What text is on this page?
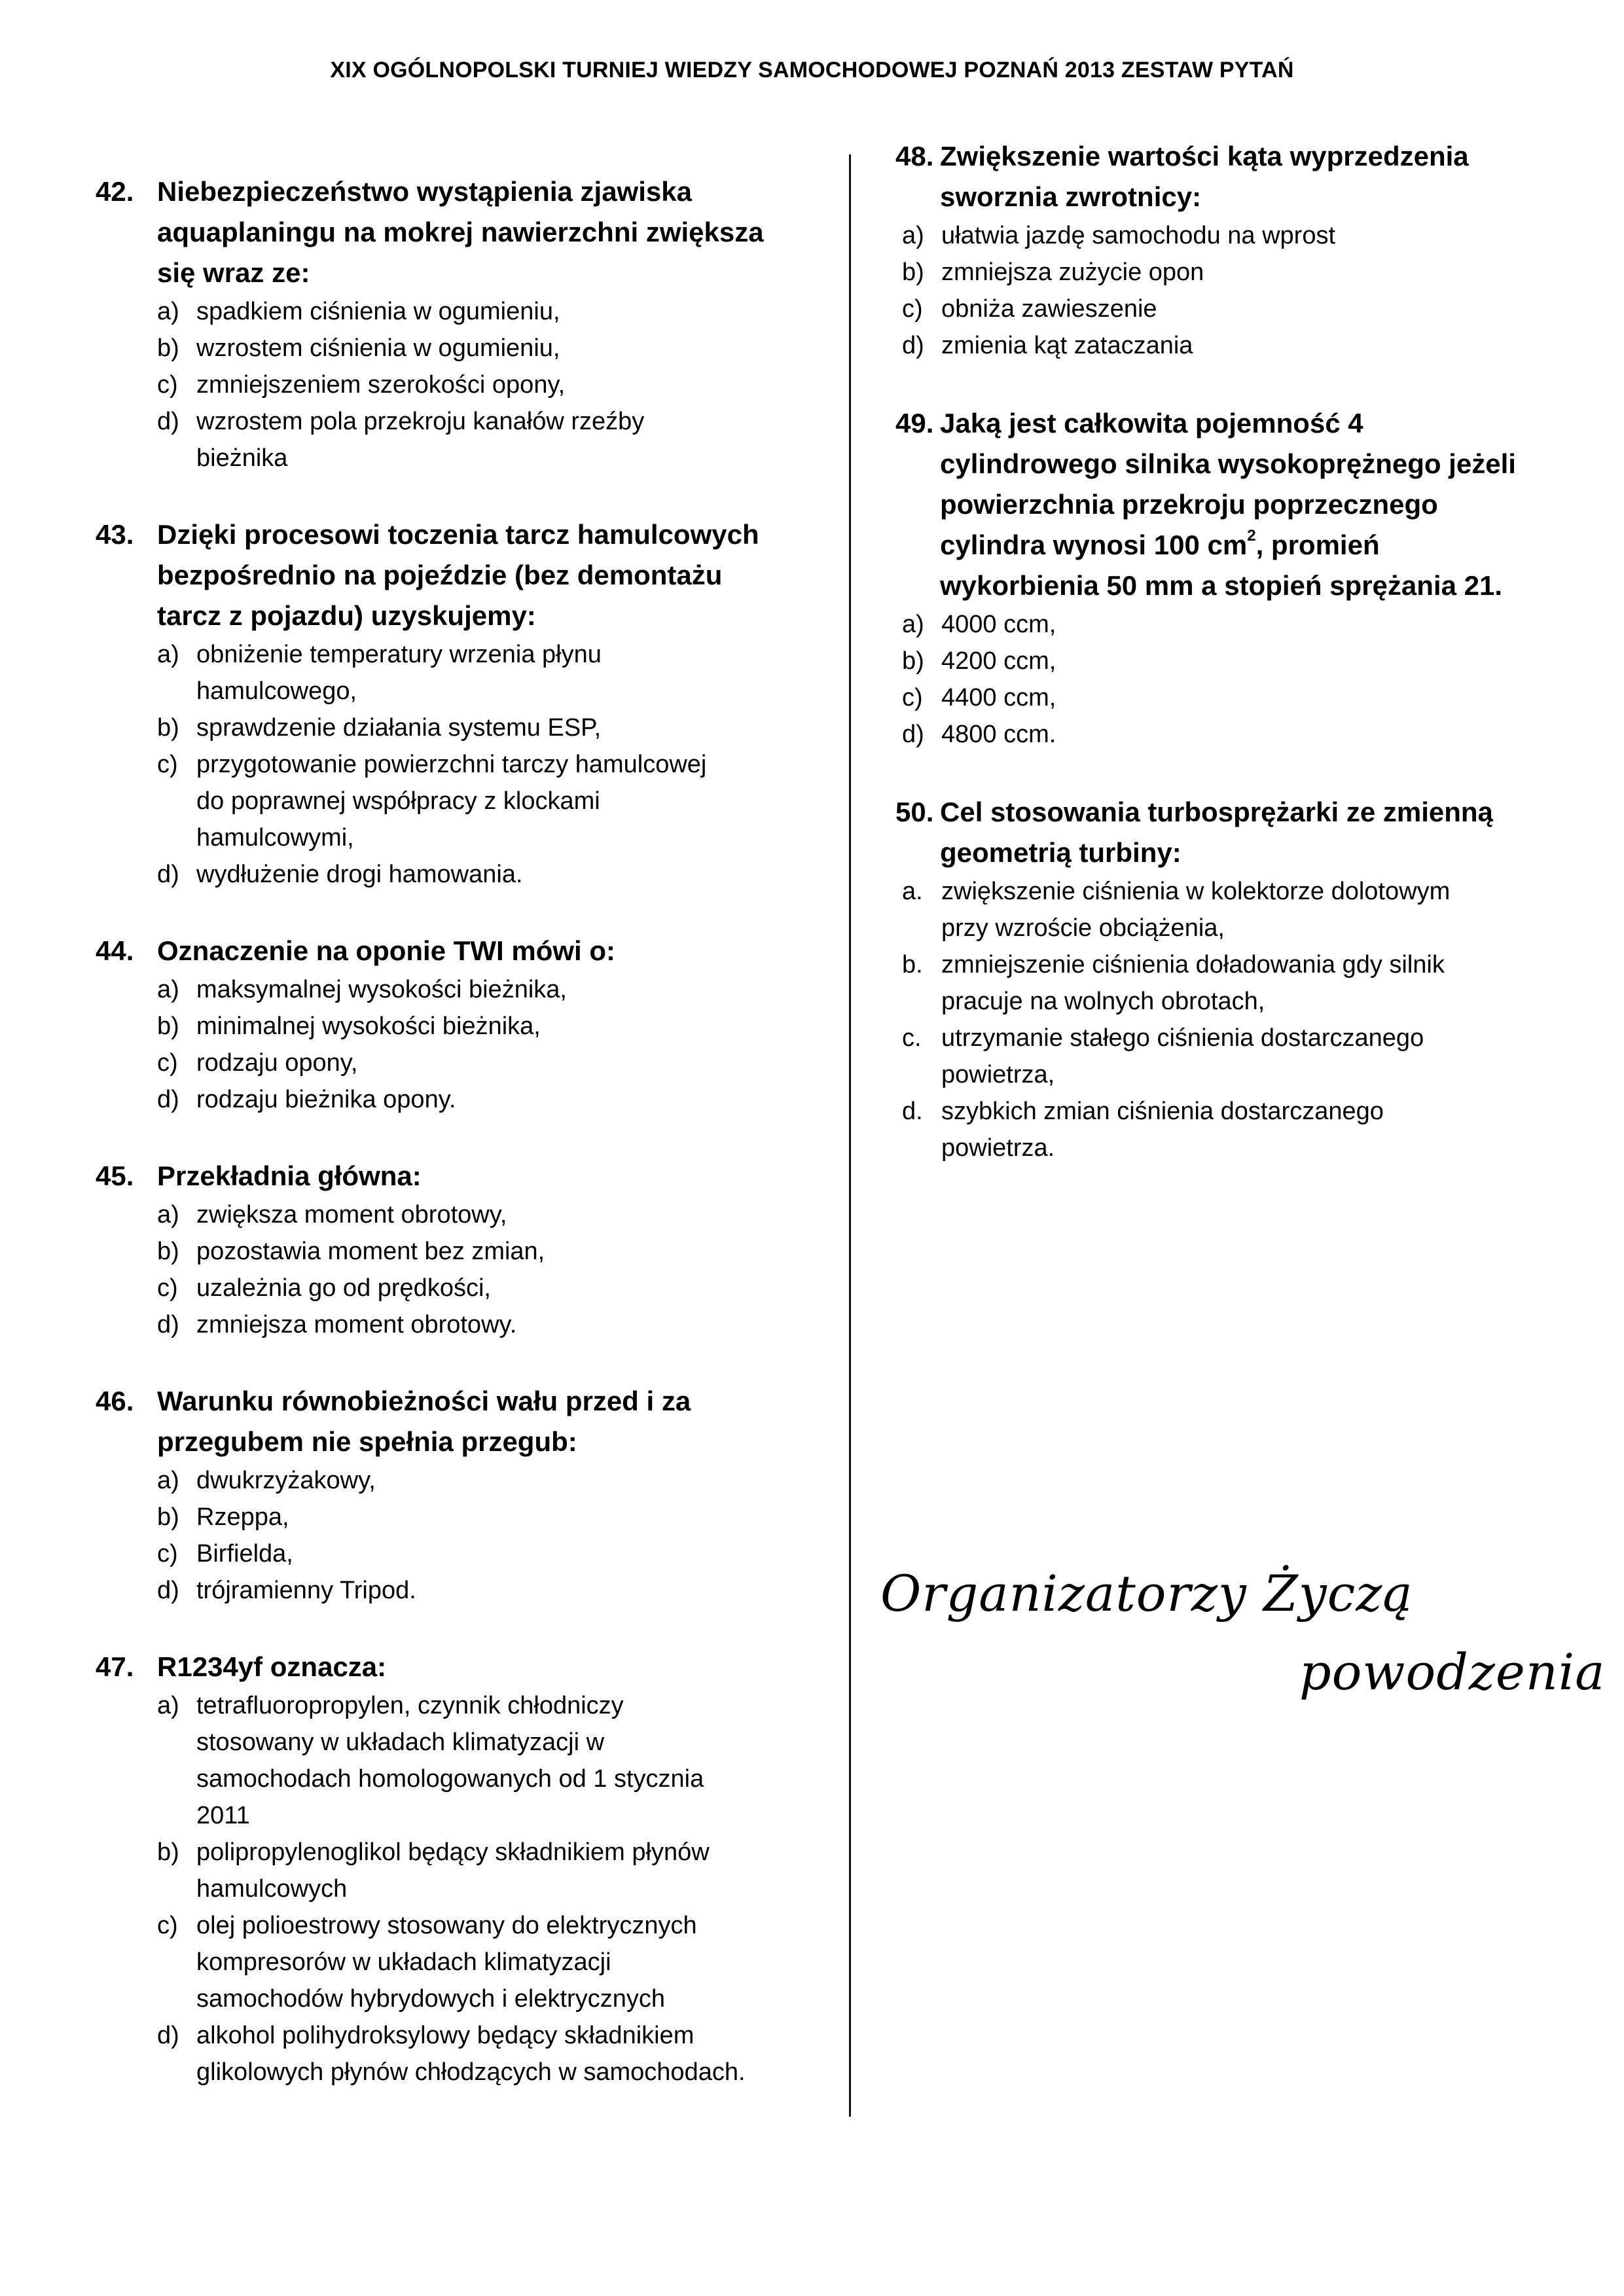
XIX OGÓLNOPOLSKI TURNIEJ WIEDZY SAMOCHODOWEJ POZNAŃ 2013 ZESTAW PYTAŃ
42. Niebezpieczeństwo wystąpienia zjawiska
aquaplaningu na mokrej nawierzchni zwiększa
się wraz ze:
a) spadkiem ciśnienia w ogumieniu,
b) wzrostem ciśnienia w ogumieniu,
c) zmniejszeniem szerokości opony,
d) wzrostem pola przekroju kanałów rzeźby
bieżnika
43. Dzięki procesowi toczenia tarcz hamulcowych
bezpośrednio na pojeździe (bez demontażu
tarcz z pojazdu) uzyskujemy:
a) obniżenie temperatury wrzenia płynu
hamulcowego,
b) sprawdzenie działania systemu ESP,
c) przygotowanie powierzchni tarczy hamulcowej
do poprawnej współpracy z klockami
hamulcowymi,
d) wydłużenie drogi hamowania.
44. Oznaczenie na oponie TWI mówi o:
a) maksymalnej wysokości bieżnika,
b) minimalnej wysokości bieżnika,
c) rodzaju opony,
d) rodzaju bieżnika opony.
45. Przekładnia główna:
a) zwiększa moment obrotowy,
b) pozostawia moment bez zmian,
c) uzależnia go od prędkości,
d) zmniejsza moment obrotowy.
46. Warunku równobieżności wału przed i za
przegubem nie spełnia przegub:
a) dwukrzyżakowy,
b) Rzeppa,
c) Birfielda,
d) trójramienny Tripod.
47. R1234yf oznacza:
a) tetrafluoropropylen, czynnik chłodniczy
stosowany w układach klimatyzacji w
samochodach homologowanych od 1 stycznia
2011
b) polipropylenoglikol będący składnikiem płynów
hamulcowych
c) olej polioestrowy stosowany do elektrycznych
kompresorów w układach klimatyzacji
samochodów hybrydowych i elektrycznych
d) alkohol polihydroksylowy będący składnikiem
glikolowych płynów chłodzących w samochodach.
48. Zwiększenie wartości kąta wyprzedzenia
sworznia zwrotnicy:
a) ułatwia jazdę samochodu na wprost
b) zmniejsza zużycie opon
c) obniża zawieszenie
d) zmienia kąt zataczania
49. Jaką jest całkowita pojemność 4
cylindrowego silnika wysokoprężnego jeżeli
powierzchnia przekroju poprzecznego
cylindra wynosi 100 $cm^2$, promień
wykorbienia 50 mm a stopień sprężania 21.
a) 4000 ccm,
b) 4200 ccm,
c) 4400 ccm,
d) 4800 ccm.
50. Cel stosowania turbosprężarki ze zmienną
geometrią turbiny:
a. zwiększenie ciśnienia w kolektorze dolotowym
przy wzroście obciążenia,
b. zmniejszenie ciśnienia doładowania gdy silnik
pracuje na wolnych obrotach,
c. utrzymanie stałego ciśnienia dostarczanego
powietrza,
d. szybkich zmian ciśnienia dostarczanego
powietrza.
Organizatorzy Życzą
powodzenia
